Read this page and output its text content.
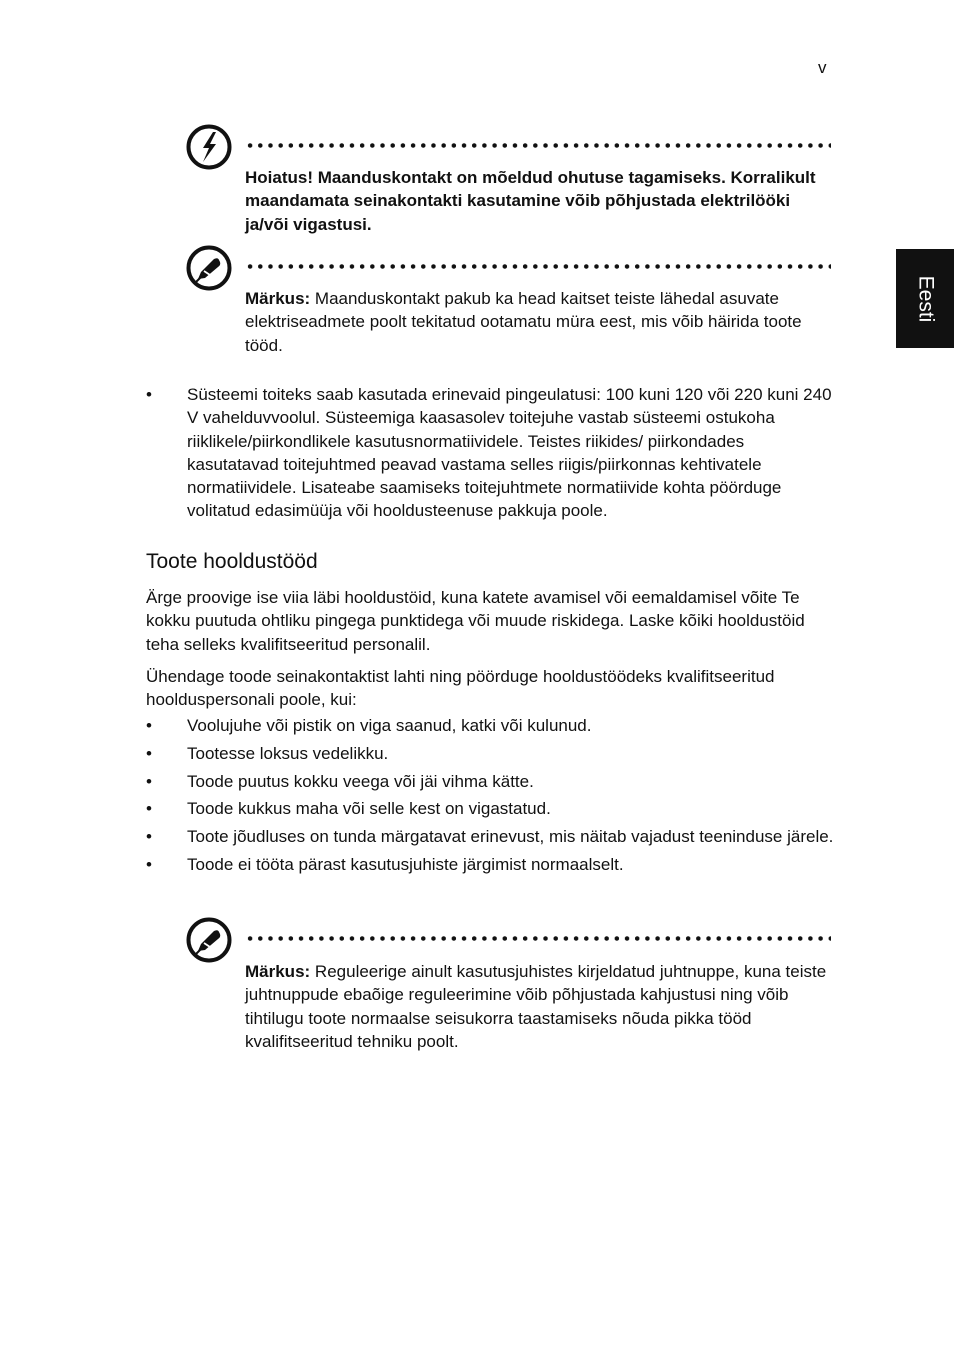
v
Eesti
Hoiatus! Maanduskontakt on mõeldud ohutuse tagamiseks. Korralikult maandamata seinakontakti kasutamine võib põhjustada elektrilööki ja/või vigastusi.
Märkus: Maanduskontakt pakub ka head kaitset teiste lähedal asuvate elektriseadmete poolt tekitatud ootamatu müra eest, mis võib häirida toote tööd.
• Süsteemi toiteks saab kasutada erinevaid pingeulatusi: 100 kuni 120 või 220 kuni 240 V vahelduvvoolul. Süsteemiga kaasasolev toitejuhe vastab süsteemi ostukoha riiklikele/piirkondlikele kasutusnormatiividele. Teistes riikides/ piirkondades kasutatavad toitejuhtmed peavad vastama selles riigis/piirkonnas kehtivatele normatiividele. Lisateabe saamiseks toitejuhtmete normatiivide kohta pöörduge volitatud edasimüüja või hooldusteenuse pakkuja poole.
Toote hooldustööd

Ärge proovige ise viia läbi hooldustöid, kuna katete avamisel või eemaldamisel võite Te kokku puutuda ohtliku pingega punktidega või muude riskidega. Laske kõiki hooldustöid teha selleks kvalifitseeritud personalil.

Ühendage toode seinakontaktist lahti ning pöörduge hooldustöödeks kvalifitseeritud hoolduspersonali poole, kui:

• Voolujuhe või pistik on viga saanud, katki või kulunud.
• Tootesse loksus vedelikku.
• Toode puutus kokku veega või jäi vihma kätte.
• Toode kukkus maha või selle kest on vigastatud.
• Toote jõudluses on tunda märgatavat erinevust, mis näitab vajadust teeninduse järele.
• Toode ei tööta pärast kasutusjuhiste järgimist normaalselt.
Märkus: Reguleerige ainult kasutusjuhistes kirjeldatud juhtnuppe, kuna teiste juhtnuppude ebaõige reguleerimine võib põhjustada kahjustusi ning võib tihtilugu toote normaalse seisukorra taastamiseks nõuda pikka tööd kvalifitseeritud tehniku poolt.
